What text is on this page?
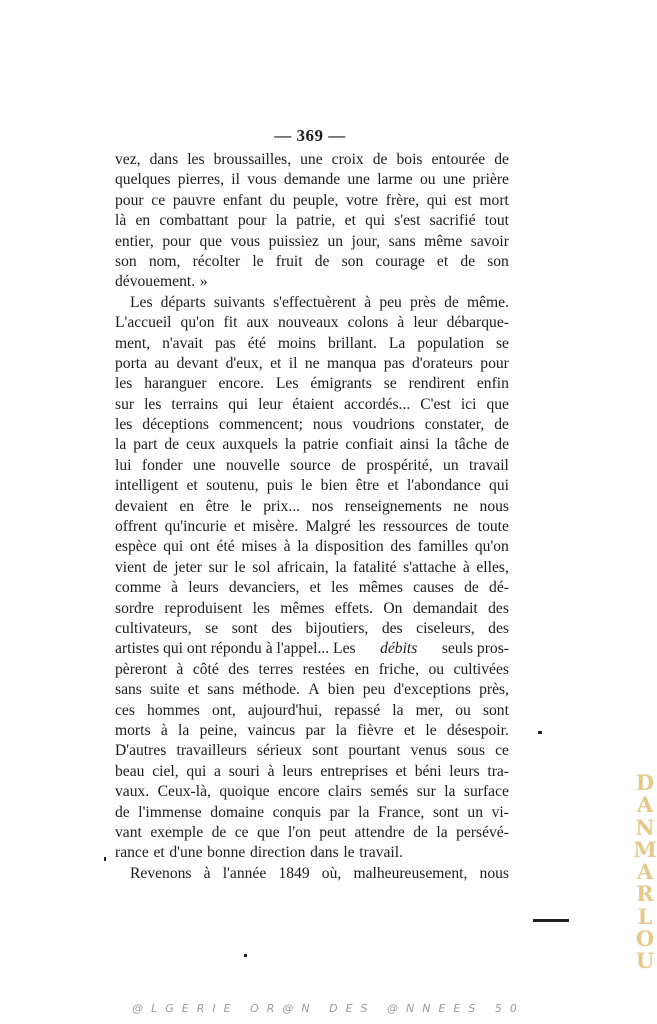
— 369 —
vez, dans les broussailles, une croix de bois entourée de
quelques pierres, il vous demande une larme ou une prière
pour ce pauvre enfant du peuple, votre frère, qui est mort
là en combattant pour la patrie, et qui s'est sacrifié tout
entier, pour que vous puissiez un jour, sans même savoir
son nom, récolter le fruit de son courage et de son
dévouement. »
Les départs suivants s'effectuèrent à peu près de même.
L'accueil qu'on fit aux nouveaux colons à leur débarque-
ment, n'avait pas été moins brillant. La population se
porta au devant d'eux, et il ne manqua pas d'orateurs pour
les haranguer encore. Les émigrants se rendirent enfin
sur les terrains qui leur étaient accordés... C'est ici que
les déceptions commencent; nous voudrions constater, de
la part de ceux auxquels la patrie confiait ainsi la tâche de
lui fonder une nouvelle source de prospérité, un travail
intelligent et soutenu, puis le bien être et l'abondance qui
devaient en être le prix... nos renseignements ne nous
offrent qu'incurie et misère. Malgré les ressources de toute
espèce qui ont été mises à la disposition des familles qu'on
vient de jeter sur le sol africain, la fatalité s'attache à elles,
comme à leurs devanciers, et les mêmes causes de dé-
sordre reproduisent les mêmes effets. On demandait des
cultivateurs, se sont des bijoutiers, des ciseleurs, des
artistes qui ont répondu à l'appel... Les débits seuls pros-
pèreront à côté des terres restées en friche, ou cultivées
sans suite et sans méthode. A bien peu d'exceptions près,
ces hommes ont, aujourd'hui, repassé la mer, ou sont
morts à la peine, vaincus par la fièvre et le désespoir.
D'autres travailleurs sérieux sont pourtant venus sous ce
beau ciel, qui a souri à leurs entreprises et béni leurs tra-
vaux. Ceux-là, quoique encore clairs semés sur la surface
de l'immense domaine conquis par la France, sont un vi-
vant exemple de ce que l'on peut attendre de la persévé-
rance et d'une bonne direction dans le travail.
Revenons à l'année 1849 où, malheureusement, nous
D
A
N
M
A
R
L
O
U
@LGERIE OR@N DES @NNEES 50
